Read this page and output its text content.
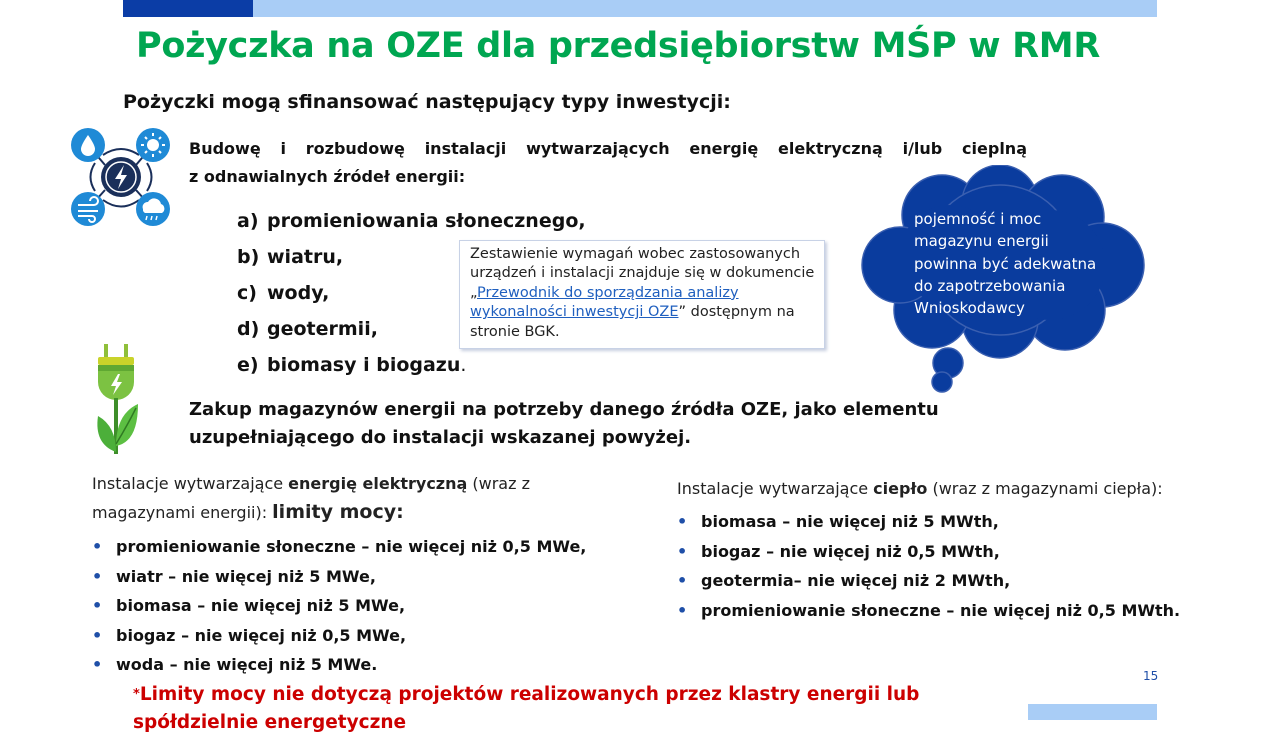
Pożyczka na OZE dla przedsiębiorstw MŚP w RMR
Pożyczki mogą sfinansować następujący typy inwestycji:
Budowę i rozbudowę instalacji wytwarzających energię elektryczną i/lub cieplną
z odnawialnych źródeł energii:
a) promieniowania słonecznego,
b) wiatru,
c) wody,
d) geotermii,
e) biomasy i biogazu.
Zestawienie wymagań wobec zastosowanych urządzeń i instalacji znajduje się w dokumencie
„Przewodnik do sporządzania analizy wykonalności inwestycji OZE” dostępnym na stronie BGK.
pojemność i moc magazynu energii powinna być adekwatna do zapotrzebowania Wnioskodawcy
Zakup magazynów energii na potrzeby danego źródła OZE, jako elementu uzupełniającego do instalacji wskazanej powyżej.
Instalacje wytwarzające energię elektryczną (wraz z magazynami energii): limity mocy:
• promieniowanie słoneczne – nie więcej niż 0,5 MWe,
• wiatr – nie więcej niż 5 MWe,
• biomasa – nie więcej niż 5 MWe,
• biogaz – nie więcej niż 0,5 MWe,
• woda – nie więcej niż 5 MWe.
Instalacje wytwarzające ciepło (wraz z magazynami ciepła):
• biomasa – nie więcej niż 5 MWth,
• biogaz – nie więcej niż 0,5 MWth,
• geotermia– nie więcej niż 2 MWth,
• promieniowanie słoneczne – nie więcej niż 0,5 MWth.
15
*Limity mocy nie dotyczą projektów realizowanych przez klastry energii lub spółdzielnie energetyczne
